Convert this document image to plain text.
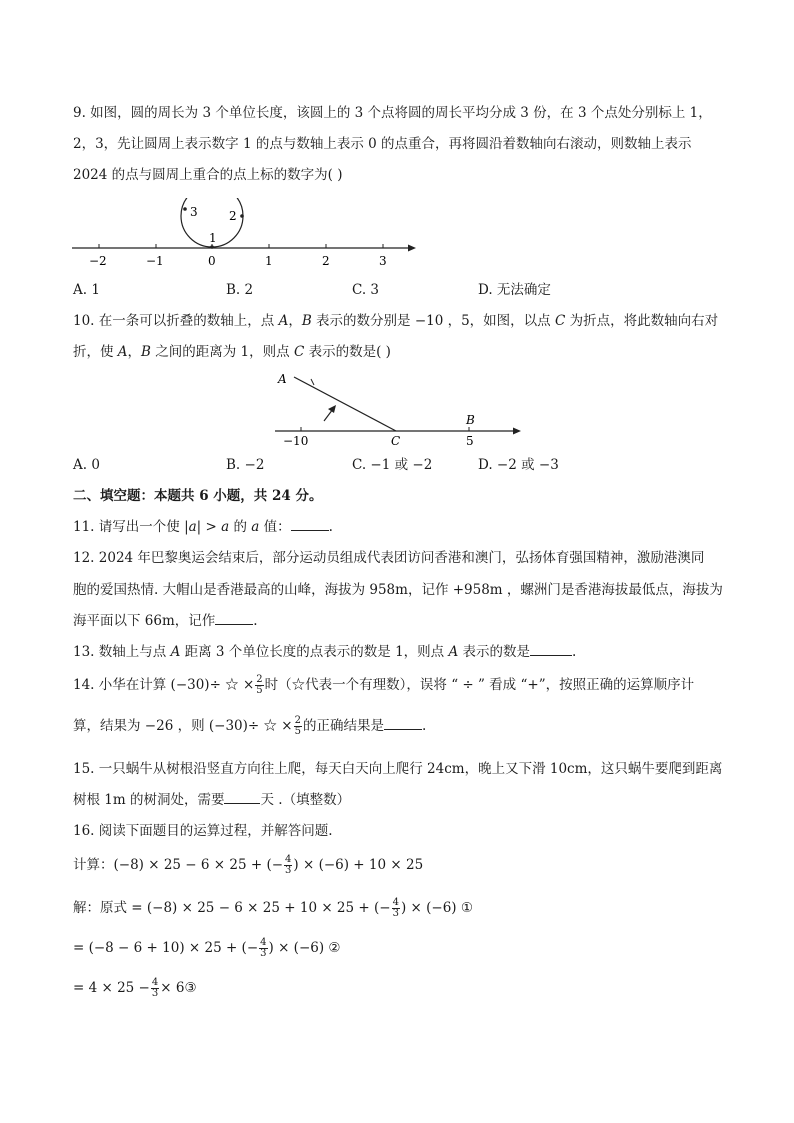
9. 如图，圆的周长为 3 个单位长度，该圆上的 3 个点将圆的周长平均分成 3 份，在 3 个点处分别标上 1，
2，3，先让圆周上表示数字 1 的点与数轴上表示 0 的点重合，再将圆沿着数轴向右滚动，则数轴上表示
2024 的点与圆周上重合的点上标的数字为( )
3	2
1
−2	−1	0	1	2	3
A. 1	B. 2	C. 3	D. 无法确定
10. 在一条可以折叠的数轴上，点 A，B 表示的数分别是 −10 ，5，如图，以点 C 为折点，将此数轴向右对
折，使 A，B 之间的距离为 1，则点 C 表示的数是( )
A
B
−10	C	5
A. 0	B. −2	C. −1 或 −2	D. −2 或 −3
二、填空题：本题共 6 小题，共 24 分。
11. 请写出一个使 |a| > a 的 a 值：	.
12. 2024 年巴黎奥运会结束后，部分运动员组成代表团访问香港和澳门，弘扬体育强国精神，激励港澳同
胞的爱国热情. 大帽山是香港最高的山峰，海拔为 958m，记作 +958m ，螺洲门是香港海拔最低点，海拔为
海平面以下 66m，记作	.
13. 数轴上与点 A 距离 3 个单位长度的点表示的数是 1，则点 A 表示的数是	.
14. 小华在计算 (−30)÷ ☆ × $\frac{2}{5}$ 时（☆代表一个有理数），误将 “ ÷ ” 看成 “+”，按照正确的运算顺序计
算，结果为 −26 ，则 (−30)÷ ☆ × $\frac{2}{5}$ 的正确结果是	.
15. 一只蜗牛从树根沿竖直方向往上爬，每天白天向上爬行 24cm，晚上又下滑 10cm，这只蜗牛要爬到距离
树根 1m 的树洞处，需要	天 .（填整数）
16. 阅读下面题目的运算过程，并解答问题.
计算：(−8) × 25 − 6 × 25 + (− $\frac{4}{3}$ ) × (−6) + 10 × 25
解：原式 = (−8) × 25 − 6 × 25 + 10 × 25 + (− $\frac{4}{3}$ ) × (−6) ①
= (−8 − 6 + 10) × 25 + (− $\frac{4}{3}$ ) × (−6) ②
= $4 \times 25 - \frac{4}{3}$ × 6③
